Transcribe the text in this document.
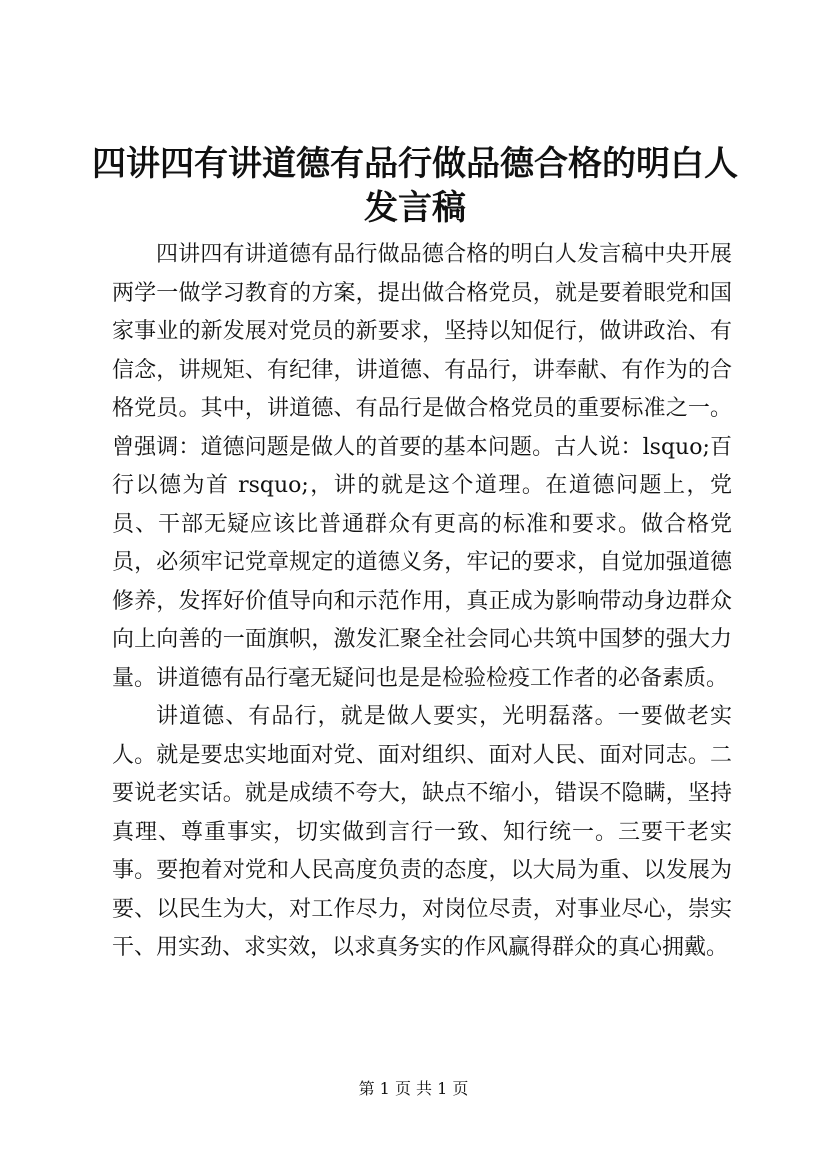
四讲四有讲道德有品行做品德合格的明白人发言稿

四讲四有讲道德有品行做品德合格的明白人发言稿中央开展两学一做学习教育的方案，提出做合格党员，就是要着眼党和国家事业的新发展对党员的新要求，坚持以知促行，做讲政治、有信念，讲规矩、有纪律，讲道德、有品行，讲奉献、有作为的合格党员。其中，讲道德、有品行是做合格党员的重要标准之一。曾强调：道德问题是做人的首要的基本问题。古人说：lsquo;百行以德为首 rsquo;，讲的就是这个道理。在道德问题上，党员、干部无疑应该比普通群众有更高的标准和要求。做合格党员，必须牢记党章规定的道德义务，牢记的要求，自觉加强道德修养，发挥好价值导向和示范作用，真正成为影响带动身边群众向上向善的一面旗帜，激发汇聚全社会同心共筑中国梦的强大力量。讲道德有品行毫无疑问也是是检验检疫工作者的必备素质。

讲道德、有品行，就是做人要实，光明磊落。一要做老实人。就是要忠实地面对党、面对组织、面对人民、面对同志。二要说老实话。就是成绩不夸大，缺点不缩小，错误不隐瞒，坚持真理、尊重事实，切实做到言行一致、知行统一。三要干老实事。要抱着对党和人民高度负责的态度，以大局为重、以发展为要、以民生为大，对工作尽力，对岗位尽责，对事业尽心，崇实干、用实劲、求实效，以求真务实的作风赢得群众的真心拥戴。

第 1 页 共 1 页
